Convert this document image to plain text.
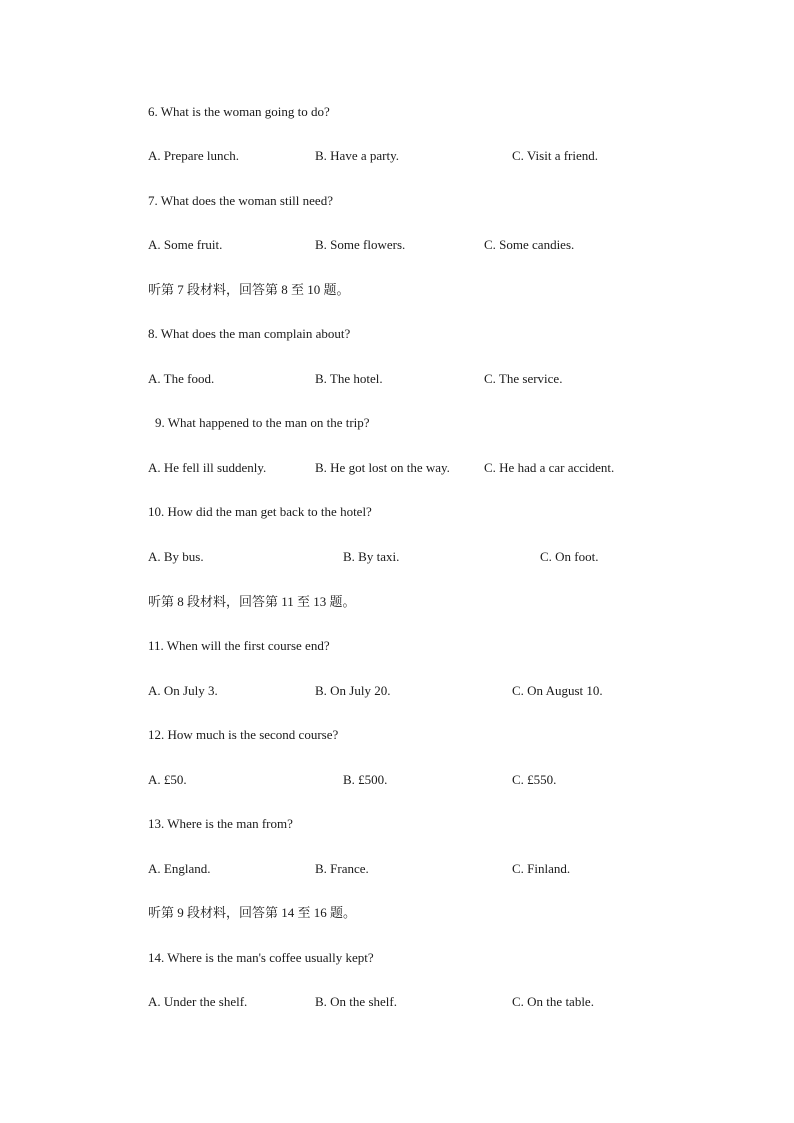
6. What is the woman going to do?
A. Prepare lunch.	B. Have a party.	C. Visit a friend.
7. What does the woman still need?
A. Some fruit.	B. Some flowers.	C. Some candies.
听第 7 段材料，回答第 8 至 10 题。
8. What does the man complain about?
A. The food.	B. The hotel.	C. The service.
9. What happened to the man on the trip?
A. He fell ill suddenly.	B. He got lost on the way.	C. He had a car accident.
10. How did the man get back to the hotel?
A. By bus.	B. By taxi.	C. On foot.
听第 8 段材料，回答第 11 至 13 题。
11. When will the first course end?
A. On July 3.	B. On July 20.	C. On August 10.
12. How much is the second course?
A. £50.	B. £500.	C. £550.
13. Where is the man from?
A. England.	B. France.	C. Finland.
听第 9 段材料，回答第 14 至 16 题。
14. Where is the man's coffee usually kept?
A. Under the shelf.	B. On the shelf.	C. On the table.
